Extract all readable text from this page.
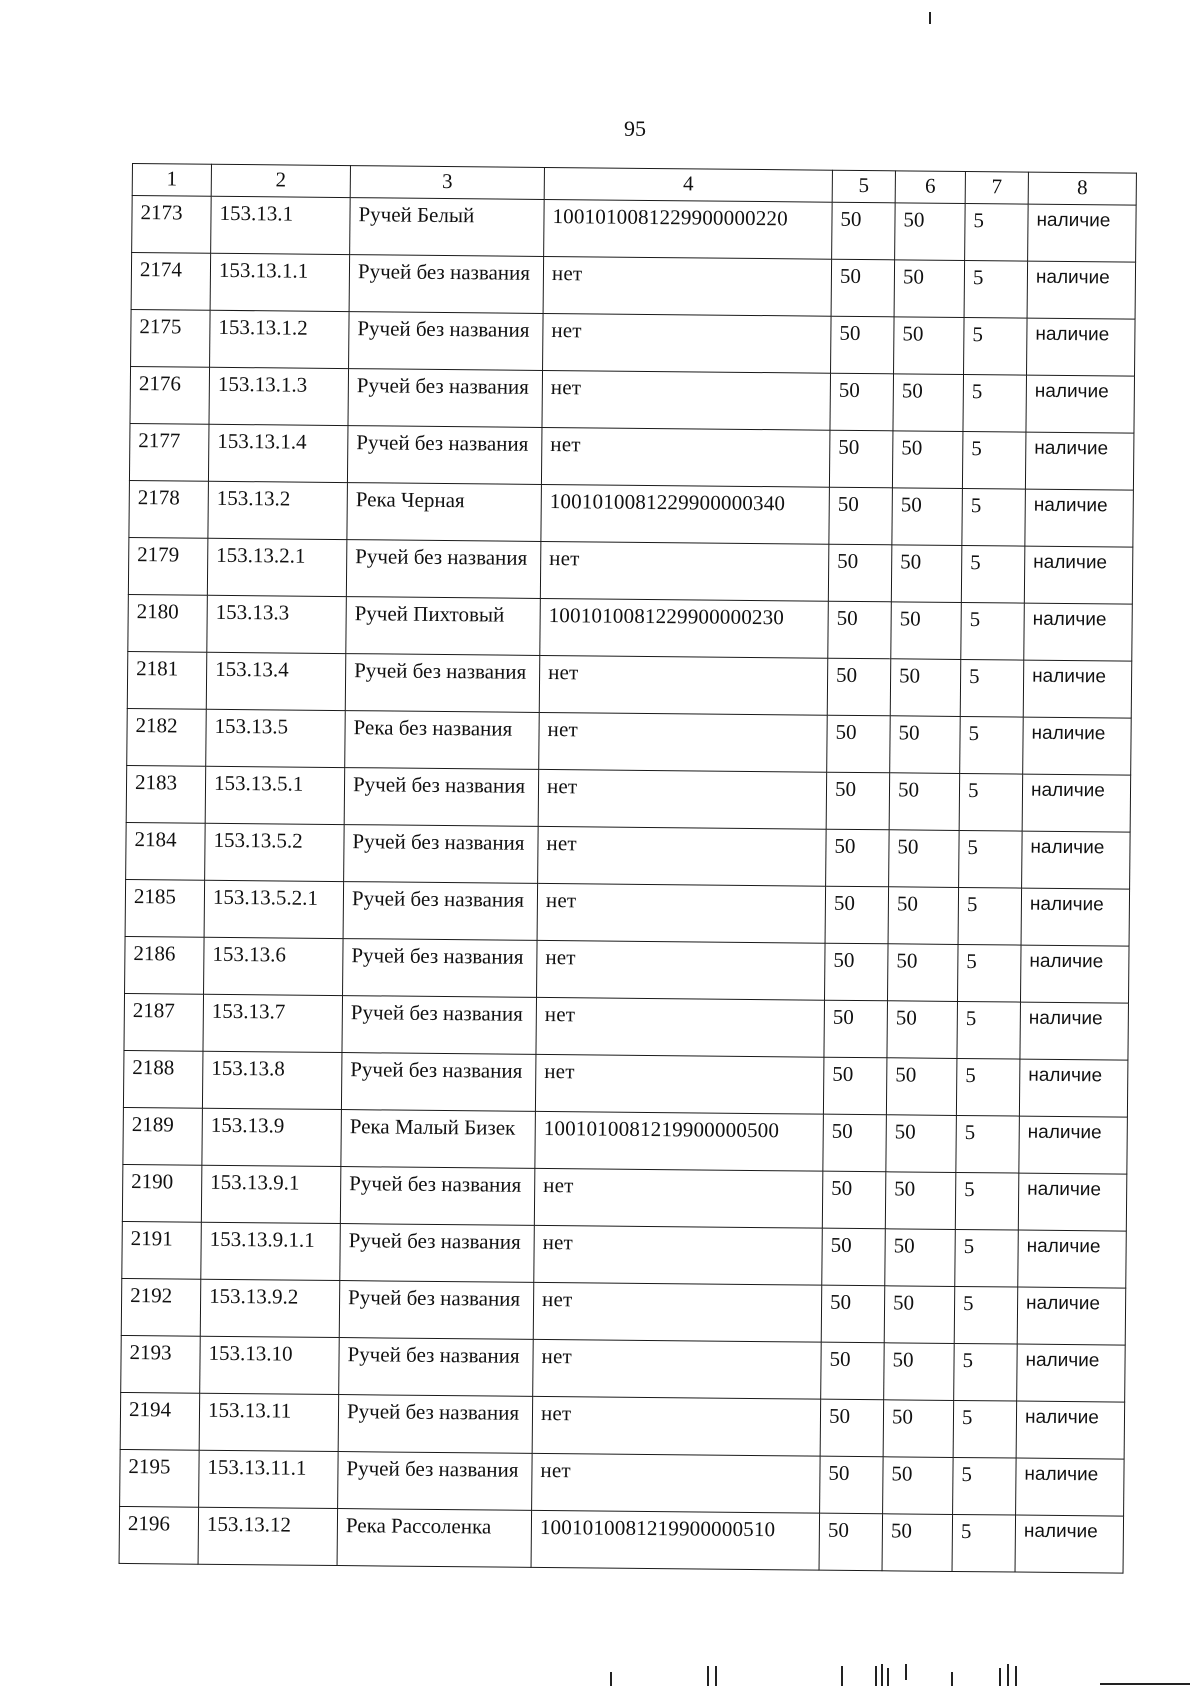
95
1	2	3	4	5	6	7	8
2173	153.13.1	Ручей Белый	1001010081229900000220	50	50	5	наличие
2174	153.13.1.1	Ручей без названия	нет	50	50	5	наличие
2175	153.13.1.2	Ручей без названия	нет	50	50	5	наличие
2176	153.13.1.3	Ручей без названия	нет	50	50	5	наличие
2177	153.13.1.4	Ручей без названия	нет	50	50	5	наличие
2178	153.13.2	Река Черная	1001010081229900000340	50	50	5	наличие
2179	153.13.2.1	Ручей без названия	нет	50	50	5	наличие
2180	153.13.3	Ручей Пихтовый	1001010081229900000230	50	50	5	наличие
2181	153.13.4	Ручей без названия	нет	50	50	5	наличие
2182	153.13.5	Река без названия	нет	50	50	5	наличие
2183	153.13.5.1	Ручей без названия	нет	50	50	5	наличие
2184	153.13.5.2	Ручей без названия	нет	50	50	5	наличие
2185	153.13.5.2.1	Ручей без названия	нет	50	50	5	наличие
2186	153.13.6	Ручей без названия	нет	50	50	5	наличие
2187	153.13.7	Ручей без названия	нет	50	50	5	наличие
2188	153.13.8	Ручей без названия	нет	50	50	5	наличие
2189	153.13.9	Река Малый Бизек	1001010081219900000500	50	50	5	наличие
2190	153.13.9.1	Ручей без названия	нет	50	50	5	наличие
2191	153.13.9.1.1	Ручей без названия	нет	50	50	5	наличие
2192	153.13.9.2	Ручей без названия	нет	50	50	5	наличие
2193	153.13.10	Ручей без названия	нет	50	50	5	наличие
2194	153.13.11	Ручей без названия	нет	50	50	5	наличие
2195	153.13.11.1	Ручей без названия	нет	50	50	5	наличие
2196	153.13.12	Река Рассоленка	1001010081219900000510	50	50	5	наличие
